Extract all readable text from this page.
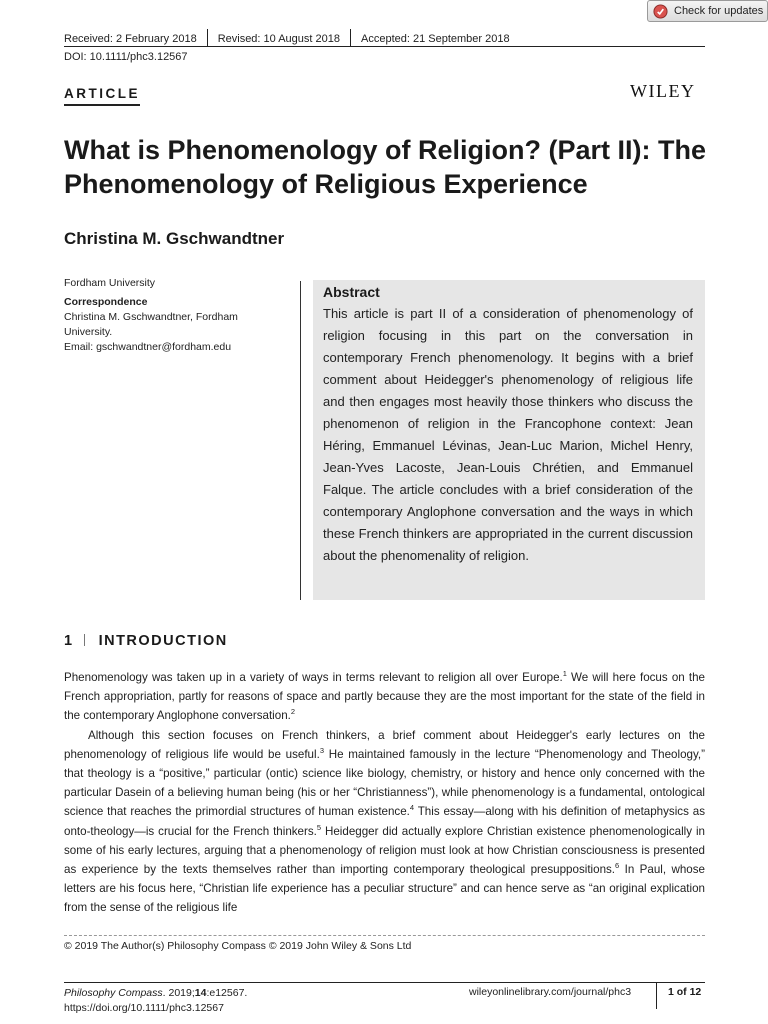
Check for updates
Received: 2 February 2018 Revised: 10 August 2018 Accepted: 21 September 2018
DOI: 10.1111/phc3.12567
ARTICLE	WILEY
What is Phenomenology of Religion? (Part II): The Phenomenology of Religious Experience
Christina M. Gschwandtner
Fordham University
Correspondence
Christina M. Gschwandtner, Fordham University.
Email: gschwandtner@fordham.edu
Abstract

This article is part II of a consideration of phenomenology of religion focusing in this part on the conversation in contemporary French phenomenology. It begins with a brief comment about Heidegger's phenomenology of religious life and then engages most heavily those thinkers who discuss the phenomenon of religion in the Francophone context: Jean Héring, Emmanuel Lévinas, Jean-Luc Marion, Michel Henry, Jean-Yves Lacoste, Jean-Louis Chrétien, and Emmanuel Falque. The article concludes with a brief consideration of the contemporary Anglophone conversation and the ways in which these French thinkers are appropriated in the current discussion about the phenomenality of religion.

1 INTRODUCTION

Phenomenology was taken up in a variety of ways in terms relevant to religion all over Europe.$^1$ We will here focus on the French appropriation, partly for reasons of space and partly because they are the most important for the state of the field in the contemporary Anglophone conversation.$^2$

Although this section focuses on French thinkers, a brief comment about Heidegger's early lectures on the phenomenology of religious life would be useful.$^3$ He maintained famously in the lecture “Phenomenology and Theology,” that theology is a “positive,” particular (ontic) science like biology, chemistry, or history and hence only concerned with the particular Dasein of a believing human being (his or her “Christianness”), while phenomenology is a fundamental, ontological science that reaches the primordial structures of human existence.$^4$ This essay—along with his definition of metaphysics as onto-theology—is crucial for the French thinkers.$^5$ Heidegger did actually explore Christian existence phenomenologically in some of his early lectures, arguing that a phenomenology of religion must look at how Christian consciousness is presented as experience by the texts themselves rather than importing contemporary theological presuppositions.$^6$ In Paul, whose letters are his focus here, “Christian life experience has a peculiar structure” and can hence serve as “an original explication from the sense of the religious life

© 2019 The Author(s) Philosophy Compass © 2019 John Wiley & Sons Ltd
Philosophy Compass. 2019;14:e12567.
https://doi.org/10.1111/phc3.12567
wileyonlinelibrary.com/journal/phc3	1 of 12
